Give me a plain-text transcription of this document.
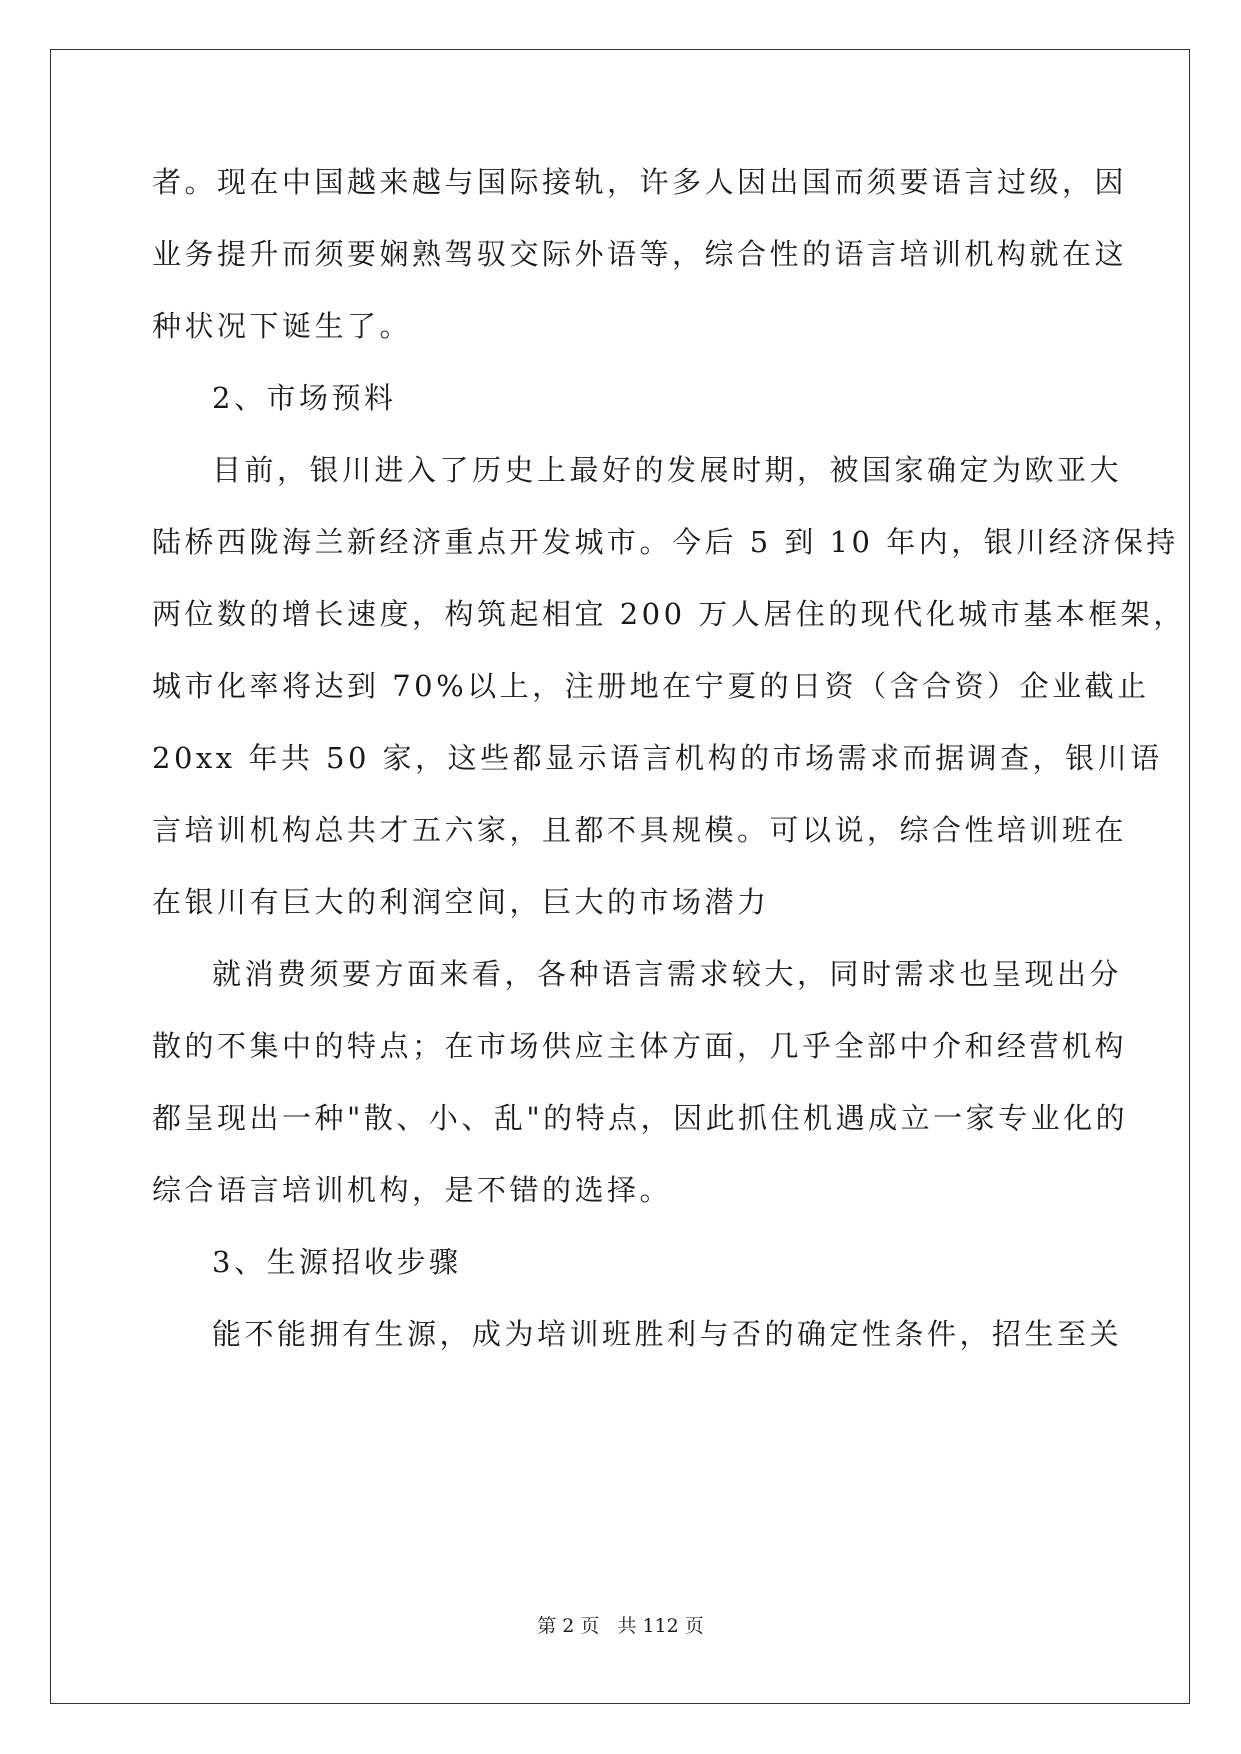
者。现在中国越来越与国际接轨，许多人因出国而须要语言过级，因
业务提升而须要娴熟驾驭交际外语等，综合性的语言培训机构就在这
种状况下诞生了。
2、市场预料
目前，银川进入了历史上最好的发展时期，被国家确定为欧亚大
陆桥西陇海兰新经济重点开发城市。今后 5 到 10 年内，银川经济保持
两位数的增长速度，构筑起相宜 200 万人居住的现代化城市基本框架，
城市化率将达到 70%以上，注册地在宁夏的日资（含合资）企业截止
20xx 年共 50 家，这些都显示语言机构的市场需求而据调查，银川语
言培训机构总共才五六家，且都不具规模。可以说，综合性培训班在
在银川有巨大的利润空间，巨大的市场潜力
就消费须要方面来看，各种语言需求较大，同时需求也呈现出分
散的不集中的特点；在市场供应主体方面，几乎全部中介和经营机构
都呈现出一种"散、小、乱"的特点，因此抓住机遇成立一家专业化的
综合语言培训机构，是不错的选择。
3、生源招收步骤
能不能拥有生源，成为培训班胜利与否的确定性条件，招生至关
第 2 页 共 112 页
